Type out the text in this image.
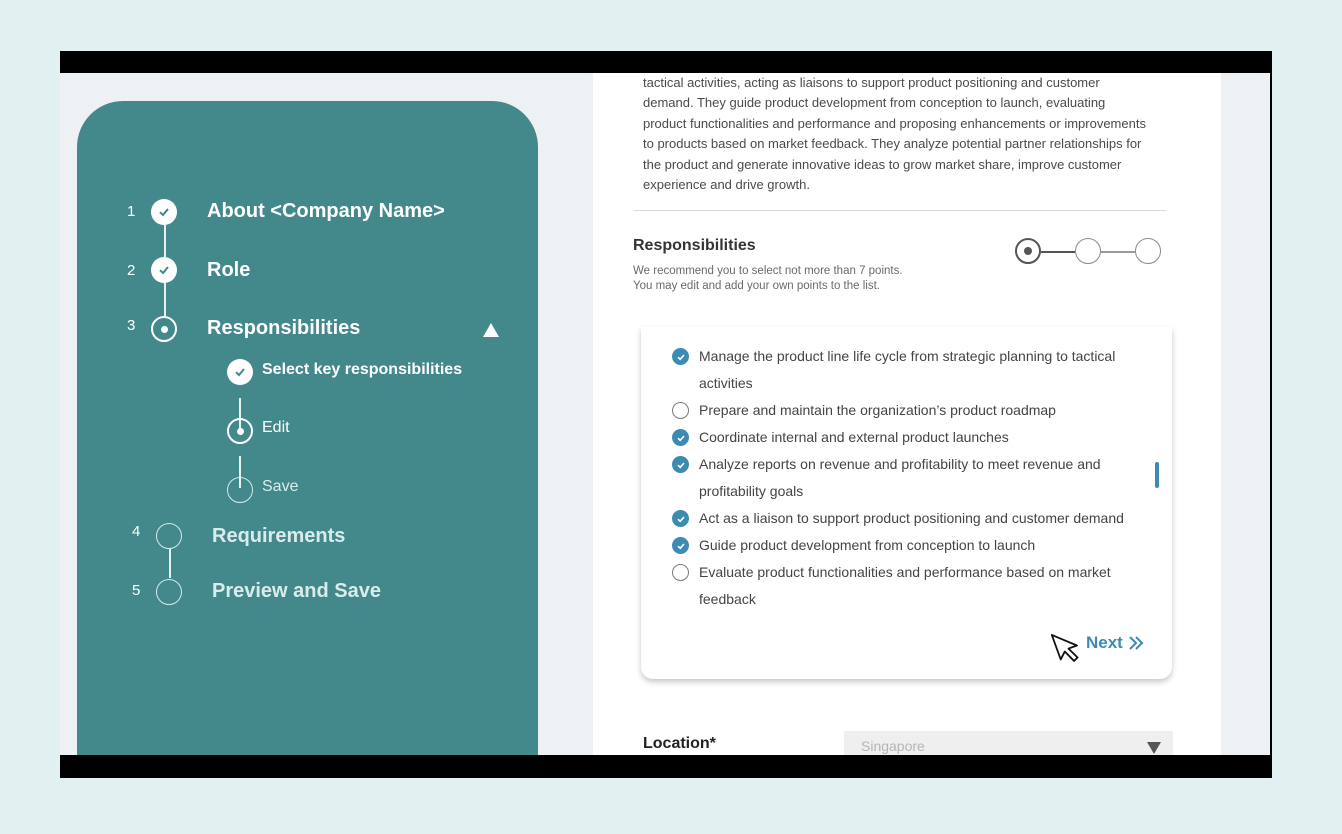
1	About <Company Name>
2	Role
3	Responsibilities
Select key responsibilities
Edit
Save
4	Requirements
5	Preview and Save
tactical activities, acting as liaisons to support product positioning and customer demand. They guide product development from conception to launch, evaluating product functionalities and performance and proposing enhancements or improvements to products based on market feedback. They analyze potential partner relationships for the product and generate innovative ideas to grow market share, improve customer experience and drive growth.
Responsibilities
We recommend you to select not more than 7 points.
You may edit and add your own points to the list.
Manage the product line life cycle from strategic planning to tactical activities
Prepare and maintain the organization’s product roadmap
Coordinate internal and external product launches
Analyze reports on revenue and profitability to meet revenue and profitability goals
Act as a liaison to support product positioning and customer demand
Guide product development from conception to launch
Evaluate product functionalities and performance based on market feedback
Next
Location*	Singapore
